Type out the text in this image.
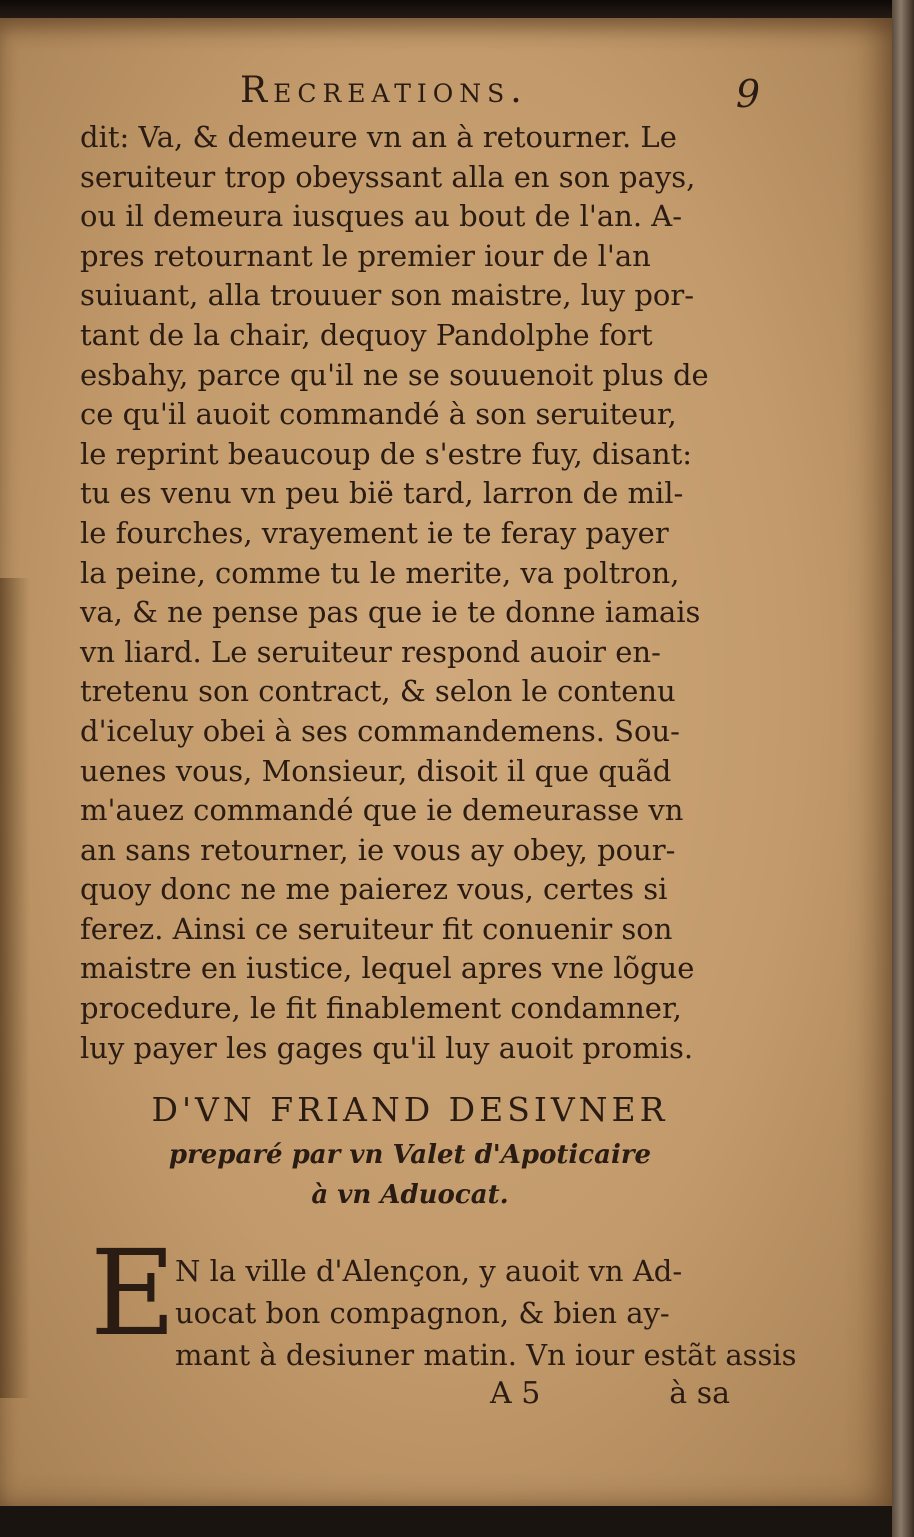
Recreations.	9
dit: Va, & demeure vn an à retourner. Le
seruiteur trop obeyssant alla en son pays,
ou il demeura iusques au bout de l'an. A-
pres retournant le premier iour de l'an
suiuant, alla trouuer son maistre, luy por-
tant de la chair, dequoy Pandolphe fort
esbahy, parce qu'il ne se souuenoit plus de
ce qu'il auoit commandé à son seruiteur,
le reprint beaucoup de s'estre fuy, disant:
tu es venu vn peu bië tard, larron de mil-
le fourches, vrayement ie te feray payer
la peine, comme tu le merite, va poltron,
va, & ne pense pas que ie te donne iamais
vn liard. Le seruiteur respond auoir en-
tretenu son contract, & selon le contenu
d'iceluy obei à ses commandemens. Sou-
uenes vous, Monsieur, disoit il que quãd
m'auez commandé que ie demeurasse vn
an sans retourner, ie vous ay obey, pour-
quoy donc ne me paierez vous, certes si
ferez. Ainsi ce seruiteur fit conuenir son
maistre en iustice, lequel apres vne lõgue
procedure, le fit finablement condamner,
luy payer les gages qu'il luy auoit promis.
D'VN FRIAND DESIVNER
preparé par vn Valet d'Apoticaire
à vn Aduocat.
E
N la ville d'Alençon, y auoit vn Ad-
uocat bon compagnon, & bien ay-
mant à desiuner matin. Vn iour estãt assis
A 5	à sa
